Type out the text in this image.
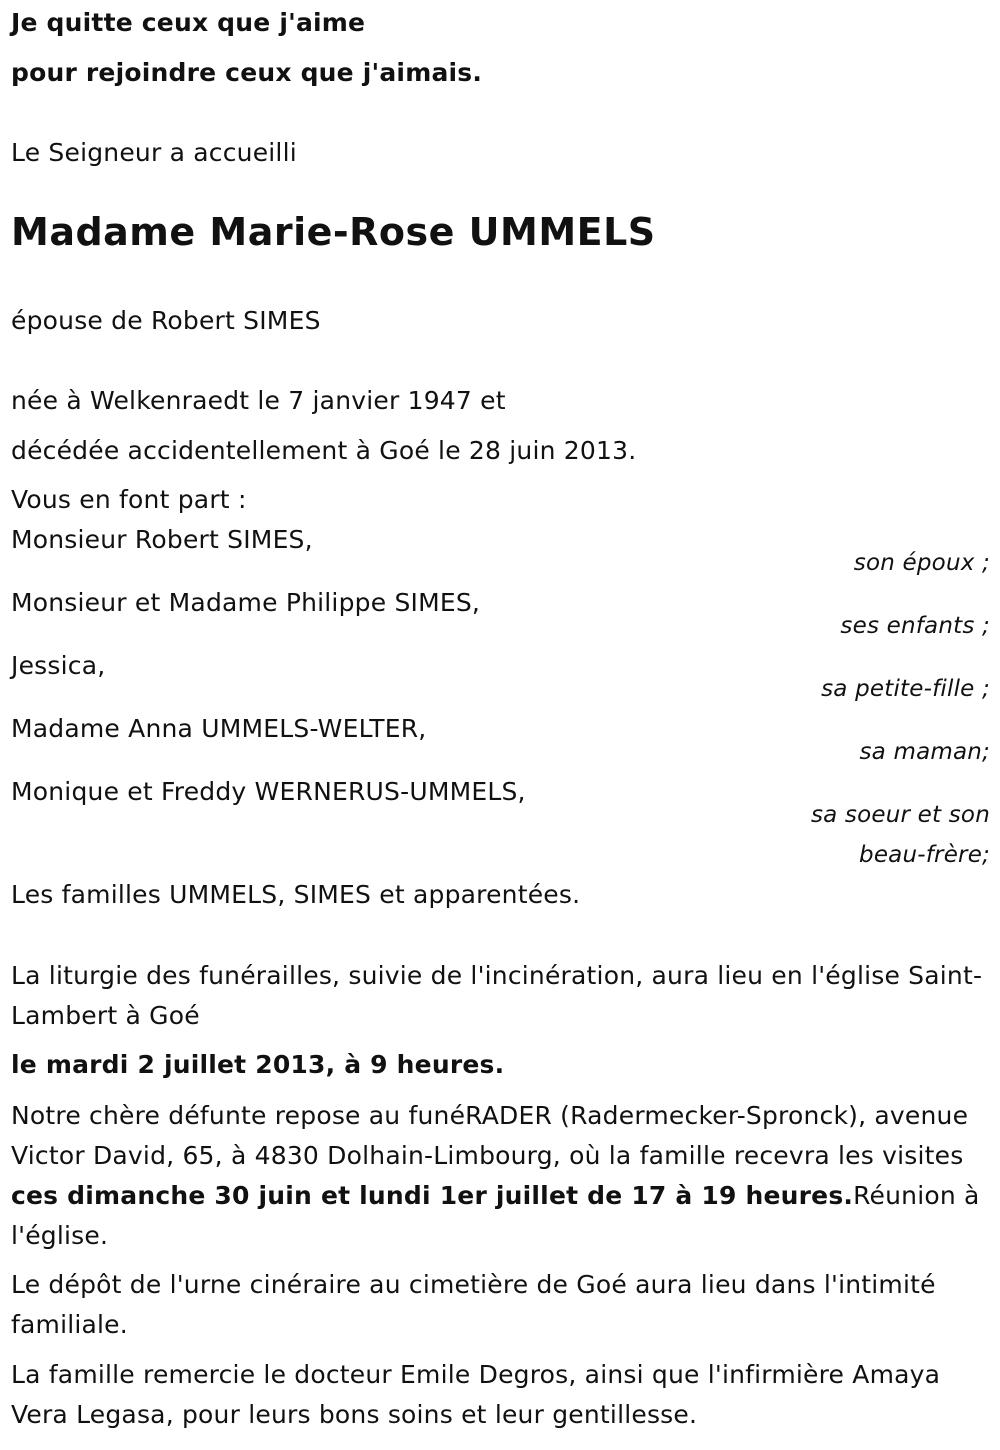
Je quitte ceux que j'aime
pour rejoindre ceux que j'aimais.
Le Seigneur a accueilli
Madame Marie-Rose UMMELS
épouse de Robert SIMES
née à Welkenraedt le 7 janvier 1947 et
décédée accidentellement à Goé le 28 juin 2013.
Vous en font part :
Monsieur Robert SIMES,
son époux ;
Monsieur et Madame Philippe SIMES,
ses enfants ;
Jessica,
sa petite-fille ;
Madame Anna UMMELS-WELTER,
sa maman;
Monique et Freddy WERNERUS-UMMELS,
sa soeur et son
beau-frère;
Les familles UMMELS, SIMES et apparentées.
La liturgie des funérailles, suivie de l'incinération, aura lieu en l'église Saint-Lambert à Goé
le mardi 2 juillet 2013, à 9 heures.
Notre chère défunte repose au funéRADER (Radermecker-Spronck), avenue Victor David, 65, à 4830 Dolhain-Limbourg, où la famille recevra les visites ces dimanche 30 juin et lundi 1er juillet de 17 à 19 heures.Réunion à l'église.
Le dépôt de l'urne cinéraire au cimetière de Goé aura lieu dans l'intimité familiale.
La famille remercie le docteur Emile Degros, ainsi que l'infirmière Amaya Vera Legasa, pour leurs bons soins et leur gentillesse.
